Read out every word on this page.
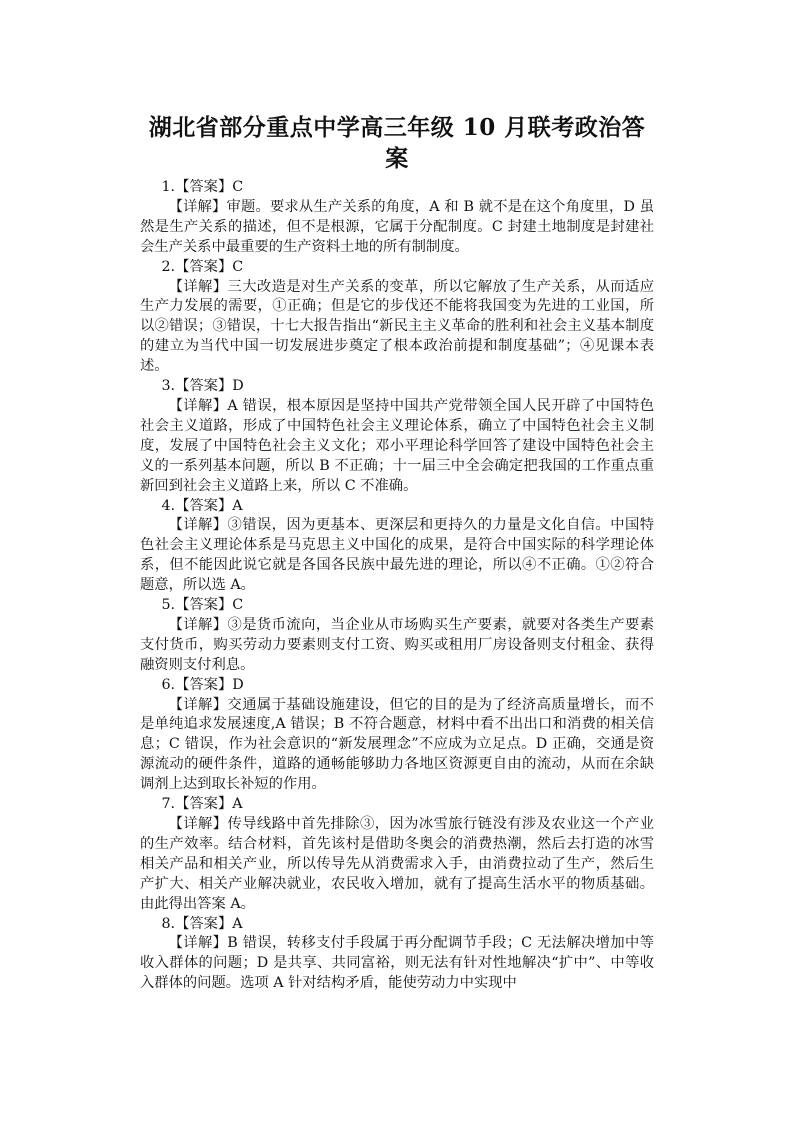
湖北省部分重点中学高三年级 10 月联考政治答案

1.【答案】C

【详解】审题。要求从生产关系的角度，A 和 B 就不是在这个角度里，D 虽然是生产关系的描述，但不是根源，它属于分配制度。C 封建土地制度是封建社会生产关系中最重要的生产资料土地的所有制制度。

2.【答案】C

【详解】三大改造是对生产关系的变革，所以它解放了生产关系，从而适应生产力发展的需要，①正确；但是它的步伐还不能将我国变为先进的工业国，所以②错误；③错误，十七大报告指出“新民主主义革命的胜利和社会主义基本制度的建立为当代中国一切发展进步奠定了根本政治前提和制度基础”；④见课本表述。

3.【答案】D

【详解】A 错误，根本原因是坚持中国共产党带领全国人民开辟了中国特色社会主义道路，形成了中国特色社会主义理论体系，确立了中国特色社会主义制度，发展了中国特色社会主义文化；邓小平理论科学回答了建设中国特色社会主义的一系列基本问题，所以 B 不正确；十一届三中全会确定把我国的工作重点重新回到社会主义道路上来，所以 C 不准确。

4.【答案】A

【详解】③错误，因为更基本、更深层和更持久的力量是文化自信。中国特色社会主义理论体系是马克思主义中国化的成果，是符合中国实际的科学理论体系，但不能因此说它就是各国各民族中最先进的理论，所以④不正确。①②符合题意，所以选 A。

5.【答案】C

【详解】③是货币流向，当企业从市场购买生产要素，就要对各类生产要素支付货币，购买劳动力要素则支付工资、购买或租用厂房设备则支付租金、获得融资则支付利息。

6.【答案】D

【详解】交通属于基础设施建设，但它的目的是为了经济高质量增长，而不是单纯追求发展速度,A 错误；B 不符合题意，材料中看不出出口和消费的相关信息；C 错误，作为社会意识的“新发展理念”不应成为立足点。D 正确，交通是资源流动的硬件条件，道路的通畅能够助力各地区资源更自由的流动，从而在余缺调剂上达到取长补短的作用。

7.【答案】A

【详解】传导线路中首先排除③，因为冰雪旅行链没有涉及农业这一个产业的生产效率。结合材料，首先该村是借助冬奥会的消费热潮，然后去打造的冰雪相关产品和相关产业，所以传导先从消费需求入手，由消费拉动了生产，然后生产扩大、相关产业解决就业，农民收入增加，就有了提高生活水平的物质基础。由此得出答案 A。

8.【答案】A

【详解】B 错误，转移支付手段属于再分配调节手段；C 无法解决增加中等收入群体的问题；D 是共享、共同富裕，则无法有针对性地解决“扩中”、中等收入群体的问题。选项 A 针对结构矛盾，能使劳动力中实现中
